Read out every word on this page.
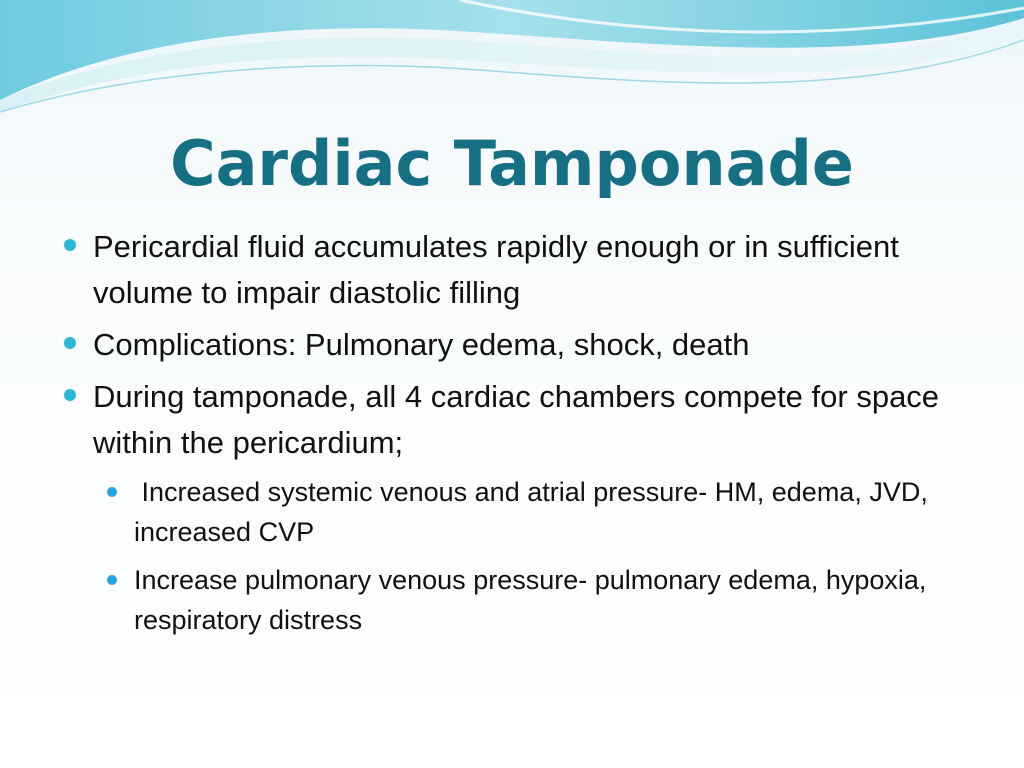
Cardiac Tamponade
Pericardial fluid accumulates rapidly enough or in sufficient volume to impair diastolic filling
Complications: Pulmonary edema, shock, death
During tamponade, all 4 cardiac chambers compete for space within the pericardium;
Increased systemic venous and atrial pressure- HM, edema, JVD, increased CVP
Increase pulmonary venous pressure- pulmonary edema, hypoxia, respiratory distress
